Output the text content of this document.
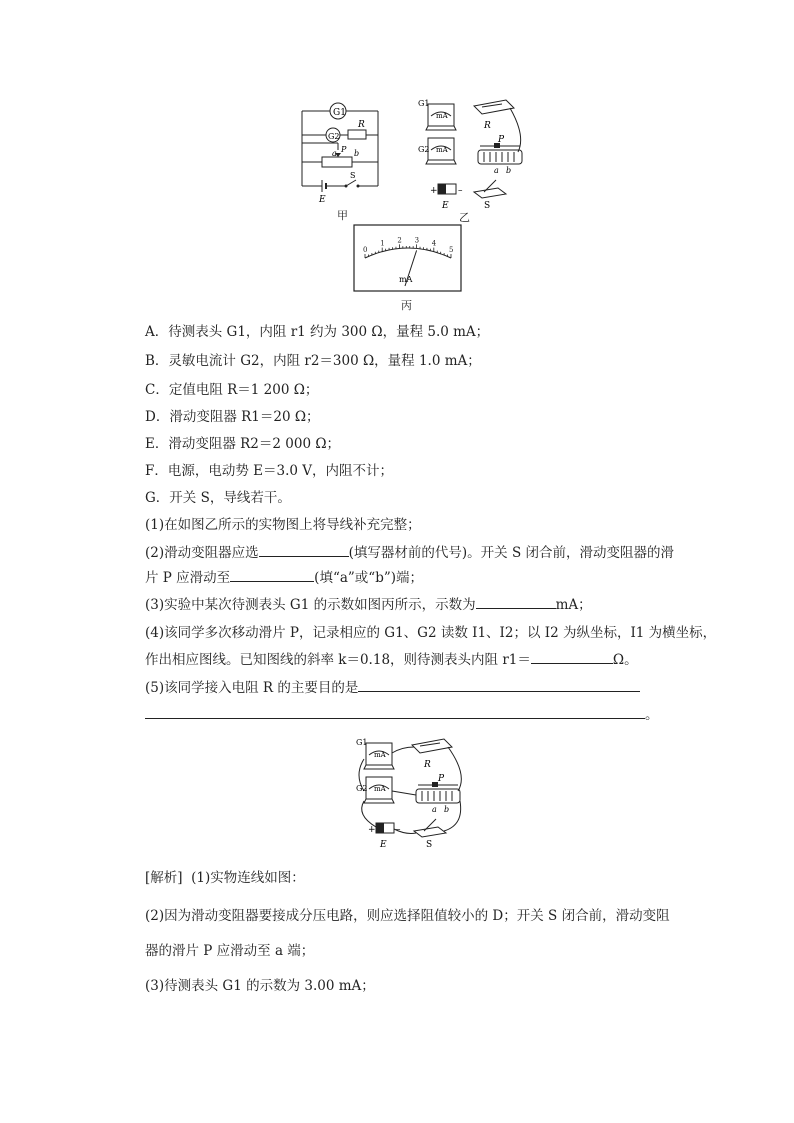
G1
G2
R
a P b
E
S
甲
G1
mA
G2 mA
R
P
a b
+ –
E	S
乙
0
1 2 3 4
5
mA
丙
A．待测表头 G1，内阻 r1 约为 300 Ω，量程 5.0 mA；
B．灵敏电流计 G2，内阻 r2＝300 Ω，量程 1.0 mA；
C．定值电阻 R＝1 200 Ω；
D．滑动变阻器 R1＝20 Ω；
E．滑动变阻器 R2＝2 000 Ω；
F．电源，电动势 E＝3.0 V，内阻不计；
G．开关 S，导线若干。
(1)在如图乙所示的实物图上将导线补充完整；
(2)滑动变阻器应选	(填写器材前的代号)。开关 S 闭合前，滑动变阻器的滑
片 P 应滑动至	(填“a”或“b”)端；
(3)实验中某次待测表头 G1 的示数如图丙所示，示数为	mA；
(4)该同学多次移动滑片 P，记录相应的 G1、G2 读数 I1、I2；以 I2 为纵坐标，I1 为横坐标，
作出相应图线。已知图线的斜率 k＝0.18，则待测表头内阻 r1＝	Ω。
(5)该同学接入电阻 R 的主要目的是
。
G1
mA
G2 mA
R
P
a b
+ –
E	S
[解析] (1)实物连线如图：
(2)因为滑动变阻器要接成分压电路，则应选择阻值较小的 D；开关 S 闭合前，滑动变阻
器的滑片 P 应滑动至 a 端；
(3)待测表头 G1 的示数为 3.00 mA；
